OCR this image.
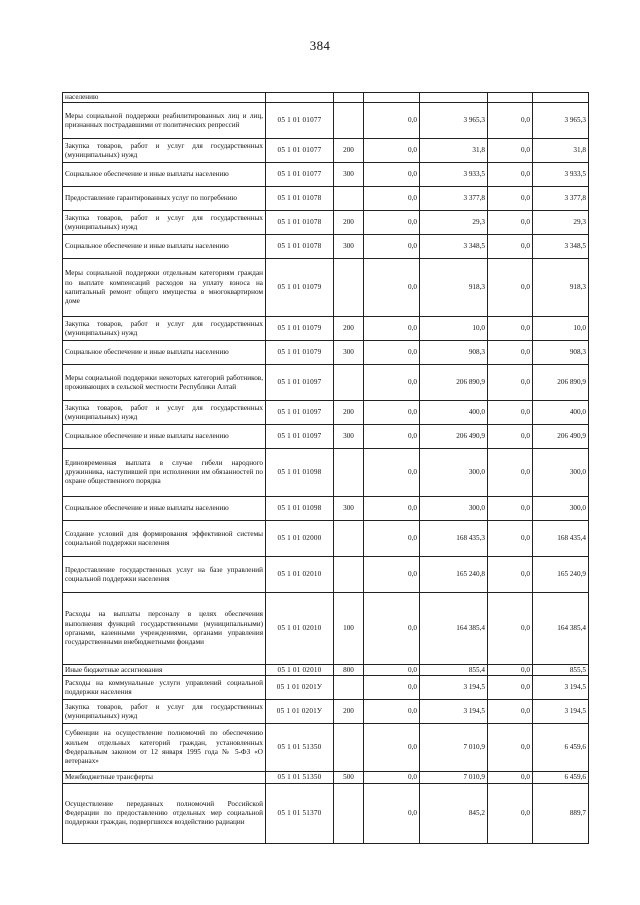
384
населению						
Меры социальной поддержки реабилитированных лиц и лиц, признанных пострадавшими от политических репрессий	05 1 01 01077		0,0	3 965,3	0,0	3 965,3
Закупка товаров, работ и услуг для государственных (муниципальных) нужд	05 1 01 01077	200	0,0	31,8	0,0	31,8
Социальное обеспечение и иные выплаты населению	05 1 01 01077	300	0,0	3 933,5	0,0	3 933,5
Предоставление гарантированных услуг по погребению	05 1 01 01078		0,0	3 377,8	0,0	3 377,8
Закупка товаров, работ и услуг для государственных (муниципальных) нужд	05 1 01 01078	200	0,0	29,3	0,0	29,3
Социальное обеспечение и иные выплаты населению	05 1 01 01078	300	0,0	3 348,5	0,0	3 348,5
Меры социальной поддержки отдельным категориям граждан по выплате компенсаций расходов на уплату взноса на капитальный ремонт общего имущества в многоквартирном доме	05 1 01 01079		0,0	918,3	0,0	918,3
Закупка товаров, работ и услуг для государственных (муниципальных) нужд	05 1 01 01079	200	0,0	10,0	0,0	10,0
Социальное обеспечение и иные выплаты населению	05 1 01 01079	300	0,0	908,3	0,0	908,3
Меры социальной поддержки некоторых категорий работников, проживающих в сельской местности Республики Алтай	05 1 01 01097		0,0	206 890,9	0,0	206 890,9
Закупка товаров, работ и услуг для государственных (муниципальных) нужд	05 1 01 01097	200	0,0	400,0	0,0	400,0
Социальное обеспечение и иные выплаты населению	05 1 01 01097	300	0,0	206 490,9	0,0	206 490,9
Единовременная выплата в случае гибели народного дружинника, наступившей при исполнении им обязанностей по охране общественного порядка	05 1 01 01098		0,0	300,0	0,0	300,0
Социальное обеспечение и иные выплаты населению	05 1 01 01098	300	0,0	300,0	0,0	300,0
Создание условий для формирования эффективной системы социальной поддержки населения	05 1 01 02000		0,0	168 435,3	0,0	168 435,4
Предоставление государственных услуг на базе управлений социальной поддержки населения	05 1 01 02010		0,0	165 240,8	0,0	165 240,9
Расходы на выплаты персоналу в целях обеспечения выполнения функций государственными (муниципальными) органами, казенными учреждениями, органами управления государственными внебюджетными фондами	05 1 01 02010	100	0,0	164 385,4	0,0	164 385,4
Иные бюджетные ассигнования	05 1 01 02010	800	0,0	855,4	0,0	855,5
Расходы на коммунальные услуги управлений социальной поддержки населения	05 1 01 0201У		0,0	3 194,5	0,0	3 194,5
Закупка товаров, работ и услуг для государственных (муниципальных) нужд	05 1 01 0201У	200	0,0	3 194,5	0,0	3 194,5
Субвенции на осуществление полномочий по обеспечению жильем отдельных категорий граждан, установленных Федеральным законом от 12 января 1995 года № 5-ФЗ «О ветеранах»	05 1 01 51350		0,0	7 010,9	0,0	6 459,6
Межбюджетные трансферты	05 1 01 51350	500	0,0	7 010,9	0,0	6 459,6
Осуществление переданных полномочий Российской Федерации по предоставлению отдельных мер социальной поддержки граждан, подвергшихся воздействию радиации	05 1 01 51370		0,0	845,2	0,0	889,7
